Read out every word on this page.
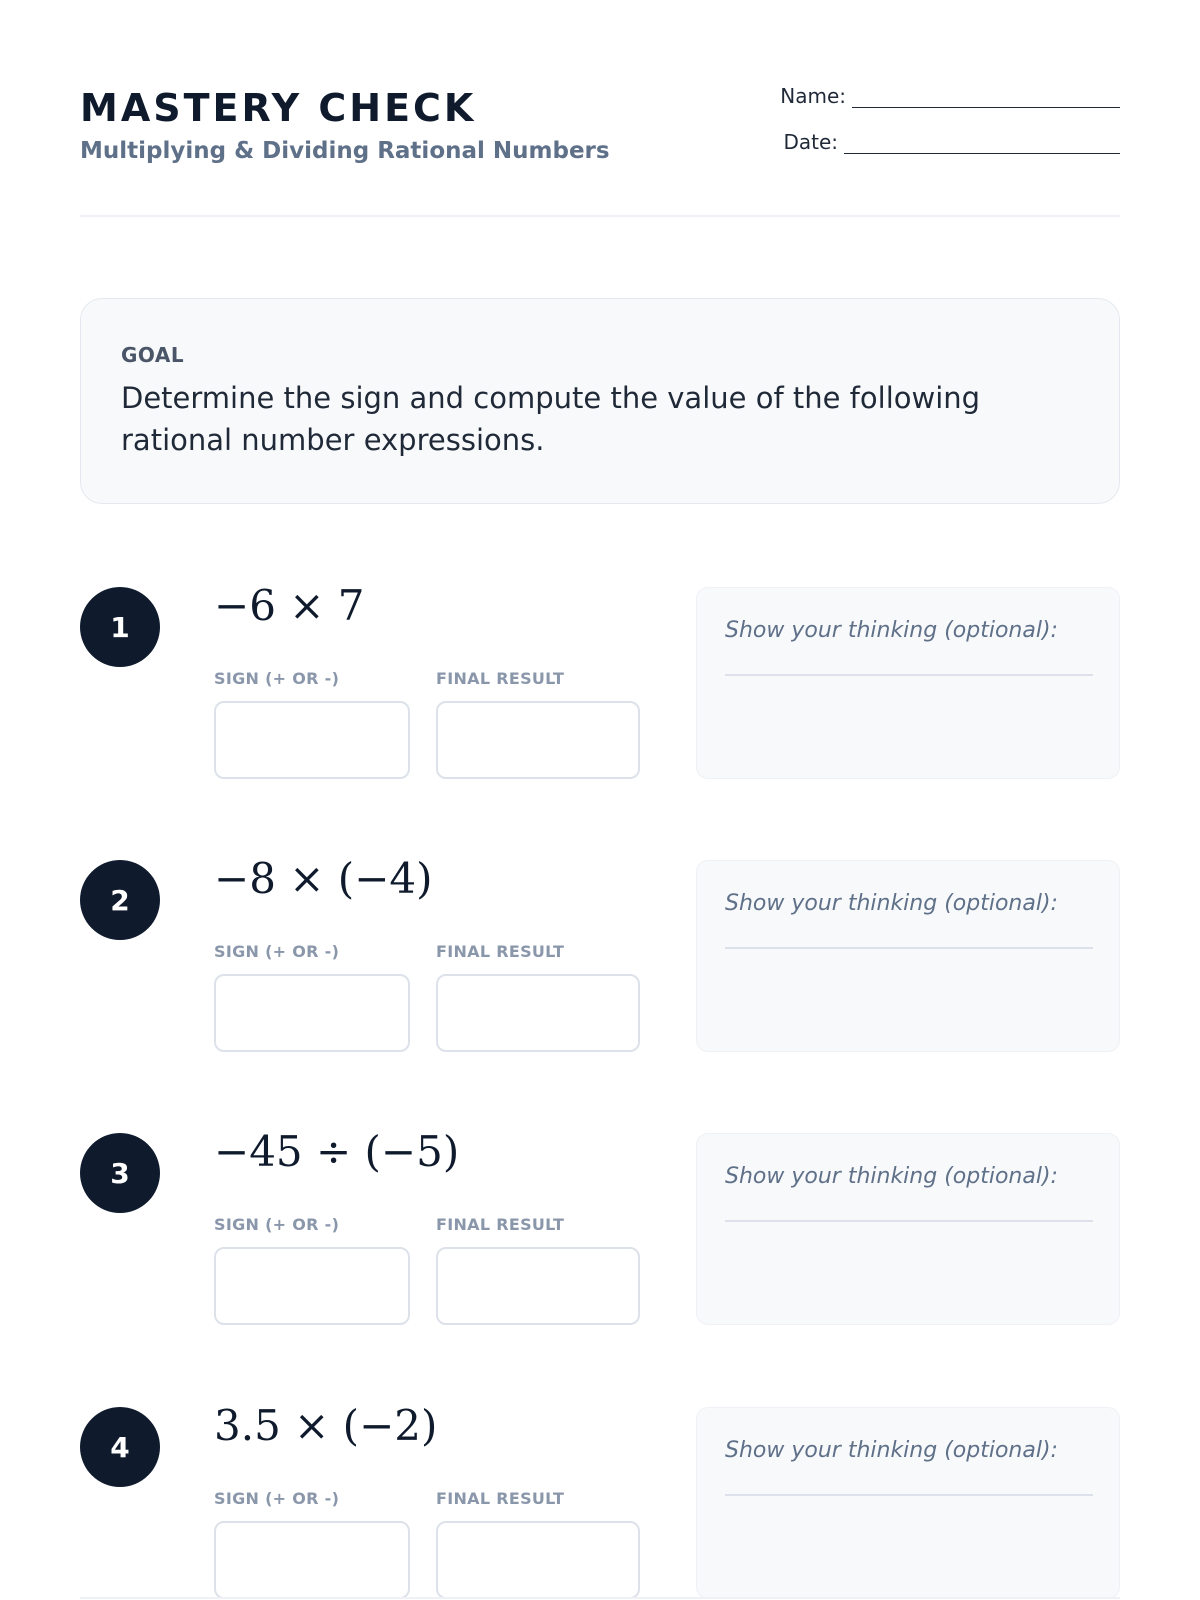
MASTERY CHECK
Multiplying & Dividing Rational Numbers
Name:
Date:
GOAL
Determine the sign and compute the value of the following rational number expressions.
1	−6 × 7
SIGN (+ OR -)	FINAL RESULT
Show your thinking (optional):
2	−8 × (−4)
SIGN (+ OR -)	FINAL RESULT
Show your thinking (optional):
3	−45 ÷ (−5)
SIGN (+ OR -)	FINAL RESULT
Show your thinking (optional):
4	3.5 × (−2)
SIGN (+ OR -)	FINAL RESULT
Show your thinking (optional):
